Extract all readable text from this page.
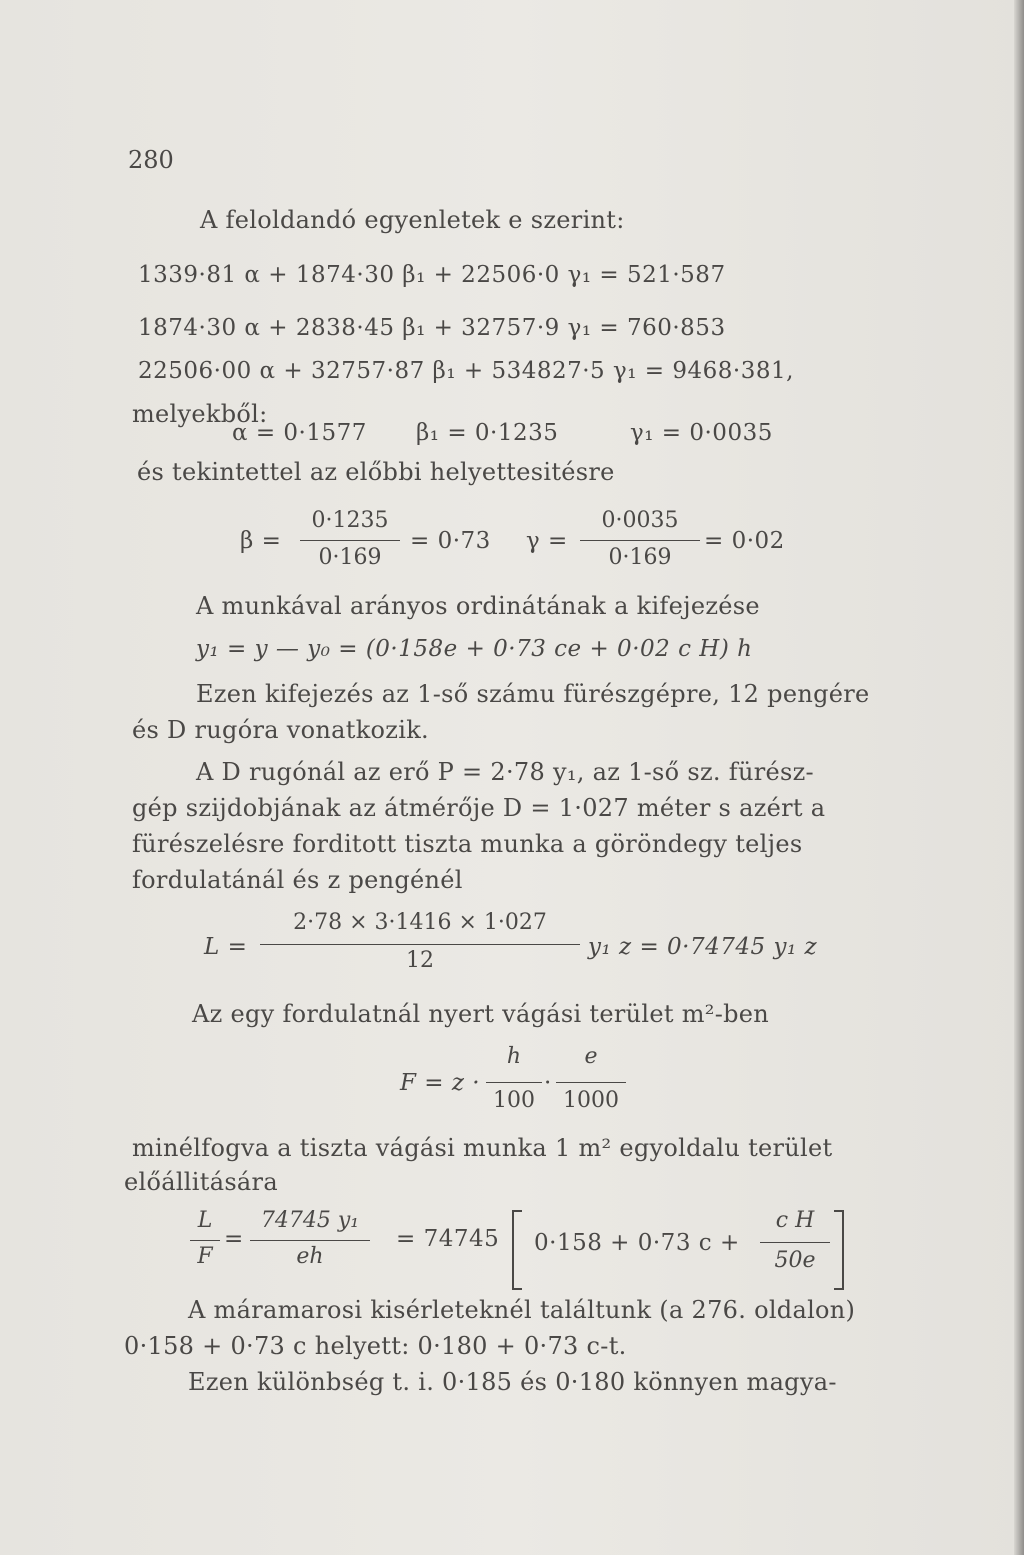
280
A feloldandó egyenletek e szerint:
1339·81 α + 1874·30 β₁ + 22506·0 γ₁ = 521·587
1874·30 α + 2838·45 β₁ + 32757·9 γ₁ = 760·853
22506·00 α + 32757·87 β₁ + 534827·5 γ₁ = 9468·381,
melyekből:
α = 0·1577 β₁ = 0·1235	γ₁ = 0·0035
és tekintettel az előbbi helyettesitésre
β =
0·1235
0·169
= 0·73 γ =
0·0035
0·169
= 0·02
A munkával arányos ordinátának a kifejezése
y₁ = y — y₀ = (0·158e + 0·73 ce + 0·02 c H) h
Ezen kifejezés az 1-ső számu fürészgépre, 12 pengére
és D rugóra vonatkozik.
A D rugónál az erő P = 2·78 y₁, az 1-ső sz. fürész-
gép szijdobjának az átmérője D = 1·027 méter s azért a
fürészelésre forditott tiszta munka a göröndegy teljes
fordulatánál és z pengénél
L =
2·78 × 3·1416 × 1·027
12
y₁ z = 0·74745 y₁ z
Az egy fordulatnál nyert vágási terület m²-ben
F = z ·
h
100
·
e
1000
minélfogva a tiszta vágási munka 1 m² egyoldalu terület
előállitására
L
F
=
74745 y₁
eh
= 74745 0·158 + 0·73 c +
c H
50e
A máramarosi kisérleteknél találtunk (a 276. oldalon)
0·158 + 0·73 c helyett: 0·180 + 0·73 c-t.
Ezen különbség t. i. 0·185 és 0·180 könnyen magya-
